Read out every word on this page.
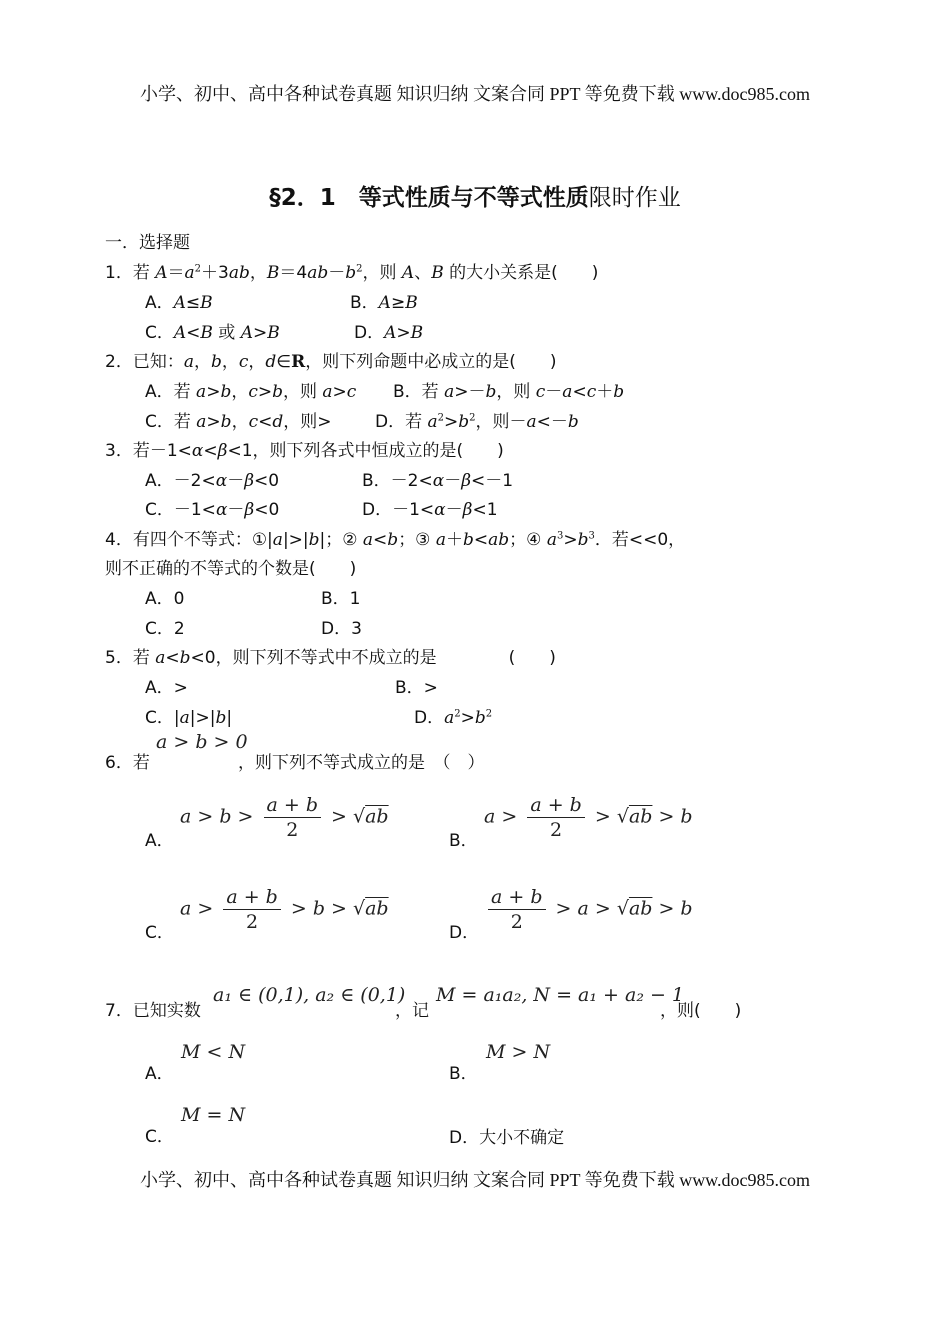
小学、初中、高中各种试卷真题 知识归纳 文案合同 PPT 等免费下载 www.doc985.com
§2．1　等式性质与不等式性质限时作业
一．选择题
1．若 $A=a^2+3ab$，$B=4ab-b^2$，则 A、B 的大小关系是(　　)
A．A≤B	B．A≥B
C．A<B 或 A>B	D．A>B
2．已知：a，b，c，d∈R，则下列命题中必成立的是(　　)
A．若 a>b，c>b，则 a>c B．若 a>－b，则 c－a<c＋b
C．若 a>b，c<d，则>	D．若 $a^2>b^2$，则－a<－b
3．若－1<α<β<1，则下列各式中恒成立的是(　　)
A．－2<α－β<0	B．－2<α－β<－1
C．－1<α－β<0	D．－1<α－β<1
4．有四个不等式：①|a|>|b|；② a<b；③ a＋b<ab；④ $a^3>b^3$．若<<0，
则不正确的不等式的个数是(　　)
A．0	B．1
C．2	D．3
5．若 a<b<0，则下列不等式中不成立的是	(　　)
A．>	B．>
C．|a|>|b|	D．$a^2>b^2$
6．若
a > b > 0
，则下列不等式成立的是　（　）
A．
$a > b > \frac{a + b}{2} > √ab$
B．
$a > \frac{a + b}{2} > √ab > b$
C．
$a > \frac{a + b}{2} > b > √ab$
D． $\frac{a + b}{2} > a > √ab > b$
7．已知实数
a₁ ∈ (0,1), a₂ ∈ (0,1)
，记
M = a₁a₂, N = a₁ + a₂ − 1
，则(　　)
A．
M < N
B．
M > N
C．
M = N
D．大小不确定
小学、初中、高中各种试卷真题 知识归纳 文案合同 PPT 等免费下载 www.doc985.com
